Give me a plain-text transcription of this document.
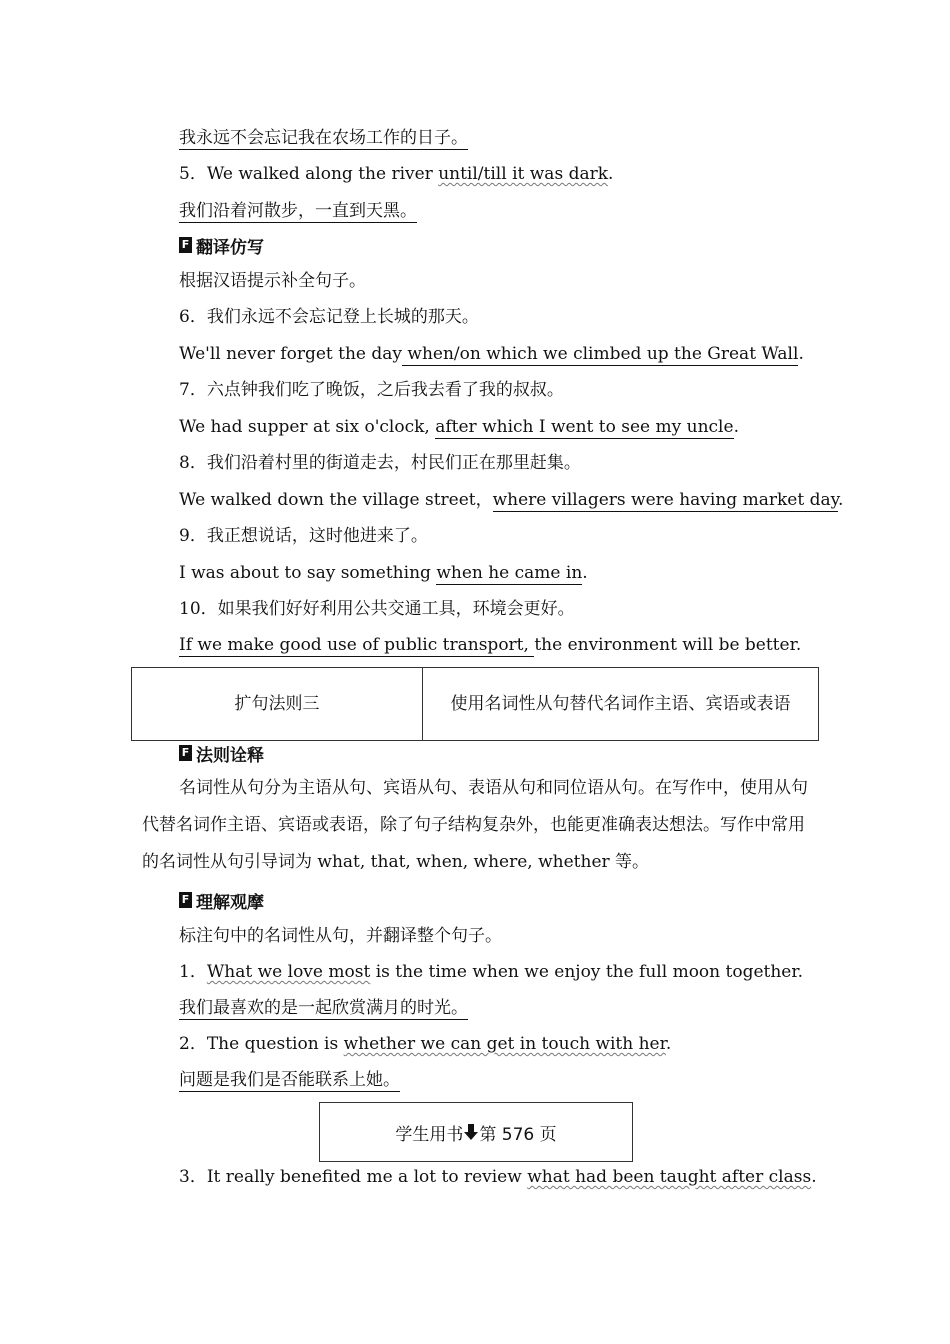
我永远不会忘记我在农场工作的日子。
5．We walked along the river until/till it was dark.
我们沿着河散步，一直到天黑。
F 翻译仿写
根据汉语提示补全句子。
6．我们永远不会忘记登上长城的那天。
We'll never forget the day when/on which we climbed up the Great Wall.
7．六点钟我们吃了晚饭，之后我去看了我的叔叔。
We had supper at six o'clock, after which I went to see my uncle.
8．我们沿着村里的街道走去，村民们正在那里赶集。
We walked down the village street，where villagers were having market day.
9．我正想说话，这时他进来了。
I was about to say something when he came in.
10．如果我们好好利用公共交通工具，环境会更好。
If we make good use of public transport, the environment will be better.
扩句法则三	使用名词性从句替代名词作主语、宾语或表语
F 法则诠释
名词性从句分为主语从句、宾语从句、表语从句和同位语从句。在写作中，使用从句代替名词作主语、宾语或表语，除了句子结构复杂外，也能更准确表达想法。写作中常用的名词性从句引导词为 what, that, when, where, whether 等。
F 理解观摩
标注句中的名词性从句，并翻译整个句子。
1．What we love most is the time when we enjoy the full moon together.
我们最喜欢的是一起欣赏满月的时光。
2．The question is whether we can get in touch with her.
问题是我们是否能联系上她。
学生用书 第 576 页
3．It really benefited me a lot to review what had been taught after class.
